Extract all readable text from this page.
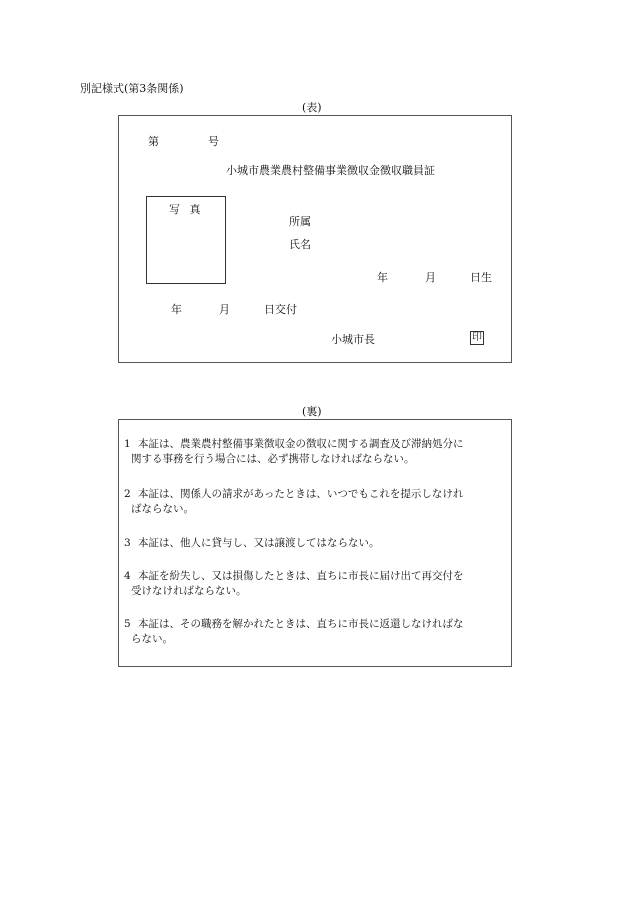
別記様式(第3条関係)
(表)
第	号
小城市農業農村整備事業徴収金徴収職員証
写 真
所属
氏名
年	月	日生
年	月	日交付
小城市長	印
(裏)
1 本証は、農業農村整備事業徴収金の徴収に関する調査及び滞納処分に
関する事務を行う場合には、必ず携帯しなければならない。
2 本証は、関係人の請求があったときは、いつでもこれを提示しなけれ
ばならない。
3 本証は、他人に貸与し、又は譲渡してはならない。
4 本証を紛失し、又は損傷したときは、直ちに市長に届け出て再交付を
受けなければならない。
5 本証は、その職務を解かれたときは、直ちに市長に返還しなければな
らない。
